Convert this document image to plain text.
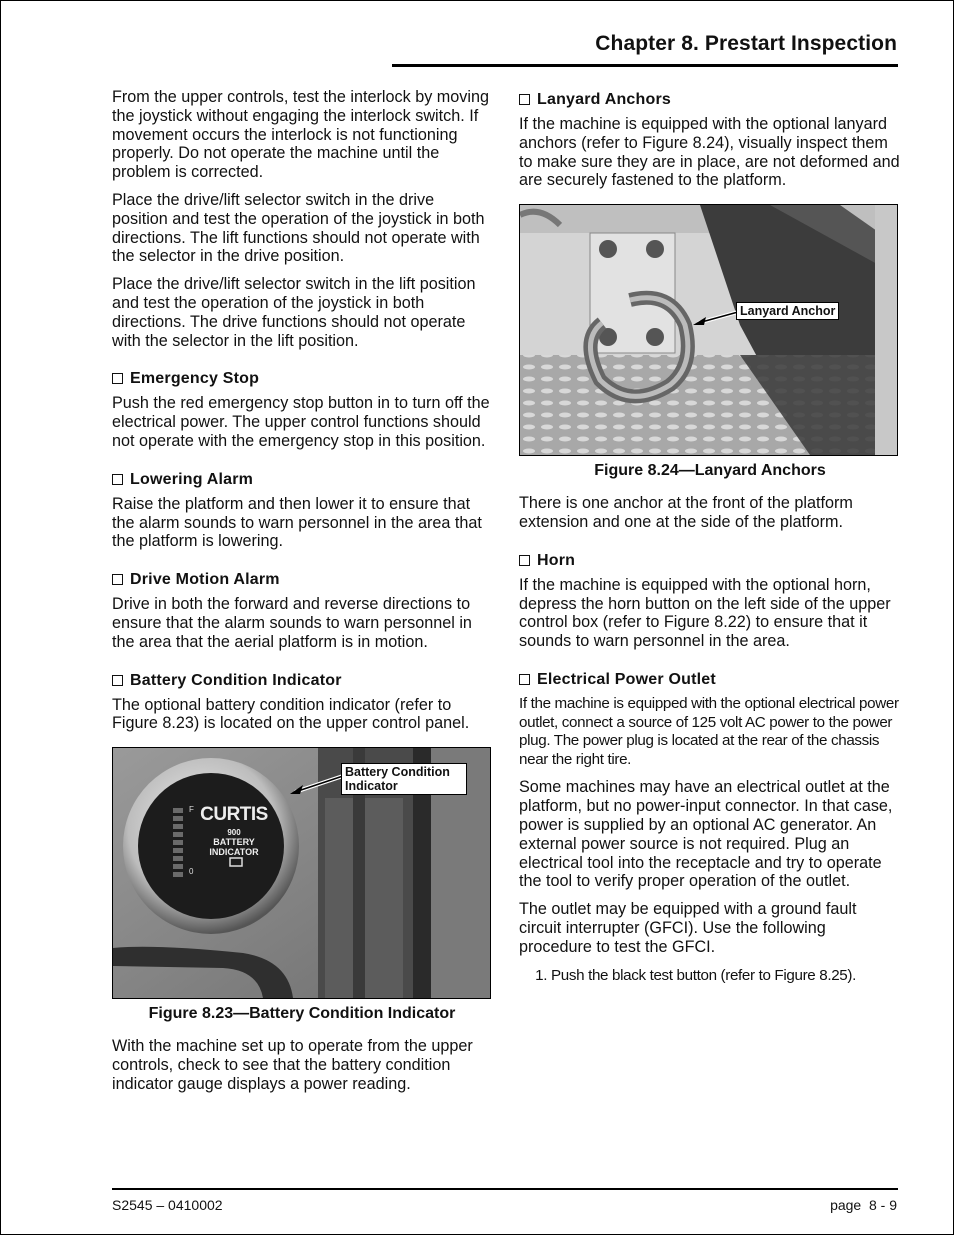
Chapter 8. Prestart Inspection

From the upper controls, test the interlock by moving the joystick without engaging the interlock switch. If movement occurs the interlock is not functioning properly. Do not operate the machine until the problem is corrected.

Place the drive/lift selector switch in the drive position and test the operation of the joystick in both directions. The lift functions should not operate with the selector in the drive position.

Place the drive/lift selector switch in the lift position and test the operation of the joystick in both directions. The drive functions should not operate with the selector in the lift position.

Emergency Stop

Push the red emergency stop button in to turn off the electrical power. The upper control functions should not operate with the emergency stop in this position.

Lowering Alarm

Raise the platform and then lower it to ensure that the alarm sounds to warn personnel in the area that the platform is lowering.

Drive Motion Alarm

Drive in both the forward and reverse directions to ensure that the alarm sounds to warn personnel in the area that the aerial platform is in motion.

Battery Condition Indicator

The optional battery condition indicator (refer to Figure 8.23) is located on the upper control panel.

0
F CURTIS
900
BATTERY
INDICATOR
Battery Condition Indicator
Figure 8.23—Battery Condition Indicator

With the machine set up to operate from the upper controls, check to see that the battery condition indicator gauge displays a power reading.

Lanyard Anchors

If the machine is equipped with the optional lanyard anchors (refer to Figure 8.24), visually inspect them to make sure they are in place, are not deformed and are securely fastened to the platform.

Lanyard Anchor
Figure 8.24—Lanyard Anchors

There is one anchor at the front of the platform extension and one at the side of the platform.

Horn

If the machine is equipped with the optional horn, depress the horn button on the left side of the upper control box (refer to Figure 8.22) to ensure that it sounds to warn personnel in the area.

Electrical Power Outlet

If the machine is equipped with the optional electrical power outlet, connect a source of 125 volt AC power to the power plug. The power plug is located at the rear of the chassis near the right tire.

Some machines may have an electrical outlet at the platform, but no power-input connector. In that case, power is supplied by an optional AC generator. An external power source is not required. Plug an electrical tool into the receptacle and try to operate the tool to verify proper operation of the outlet.

The outlet may be equipped with a ground fault circuit interrupter (GFCI). Use the following procedure to test the GFCI.

1. Push the black test button (refer to Figure 8.25).
S2545 – 0410002	page  8 - 9
